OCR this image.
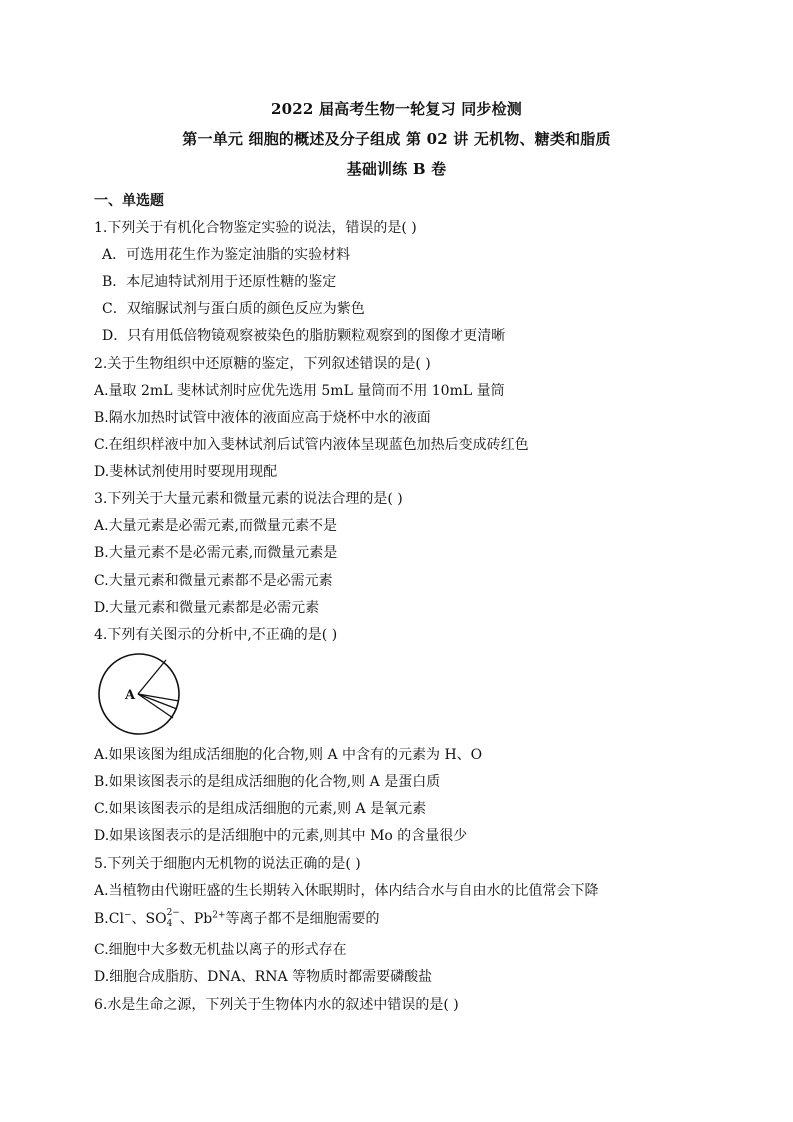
2022 届高考生物一轮复习 同步检测
第一单元 细胞的概述及分子组成 第 02 讲 无机物、糖类和脂质
基础训练 B 卷
一、单选题
1.下列关于有机化合物鉴定实验的说法，错误的是( )
A．可选用花生作为鉴定油脂的实验材料
B．本尼迪特试剂用于还原性糖的鉴定
C．双缩脲试剂与蛋白质的颜色反应为紫色
D．只有用低倍物镜观察被染色的脂肪颗粒观察到的图像才更清晰
2.关于生物组织中还原糖的鉴定，下列叙述错误的是( )
A.量取 2mL 斐林试剂时应优先选用 5mL 量筒而不用 10mL 量筒
B.隔水加热时试管中液体的液面应高于烧杯中水的液面
C.在组织样液中加入斐林试剂后试管内液体呈现蓝色加热后变成砖红色
D.斐林试剂使用时要现用现配
3.下列关于大量元素和微量元素的说法合理的是( )
A.大量元素是必需元素,而微量元素不是
B.大量元素不是必需元素,而微量元素是
C.大量元素和微量元素都不是必需元素
D.大量元素和微量元素都是必需元素
4.下列有关图示的分析中,不正确的是( )
A
A.如果该图为组成活细胞的化合物,则 A 中含有的元素为 H、O
B.如果该图表示的是组成活细胞的化合物,则 A 是蛋白质
C.如果该图表示的是组成活细胞的元素,则 A 是氧元素
D.如果该图表示的是活细胞中的元素,则其中 Mo 的含量很少
5.下列关于细胞内无机物的说法正确的是( )
A.当植物由代谢旺盛的生长期转入休眠期时，体内结合水与自由水的比值常会下降
B.Cl−、$SO^{2-}$
4 、$Pb^{2+}$等离子都不是细胞需要的
C.细胞中大多数无机盐以离子的形式存在
D.细胞合成脂肪、DNA、RNA 等物质时都需要磷酸盐
6.水是生命之源，下列关于生物体内水的叙述中错误的是( )
